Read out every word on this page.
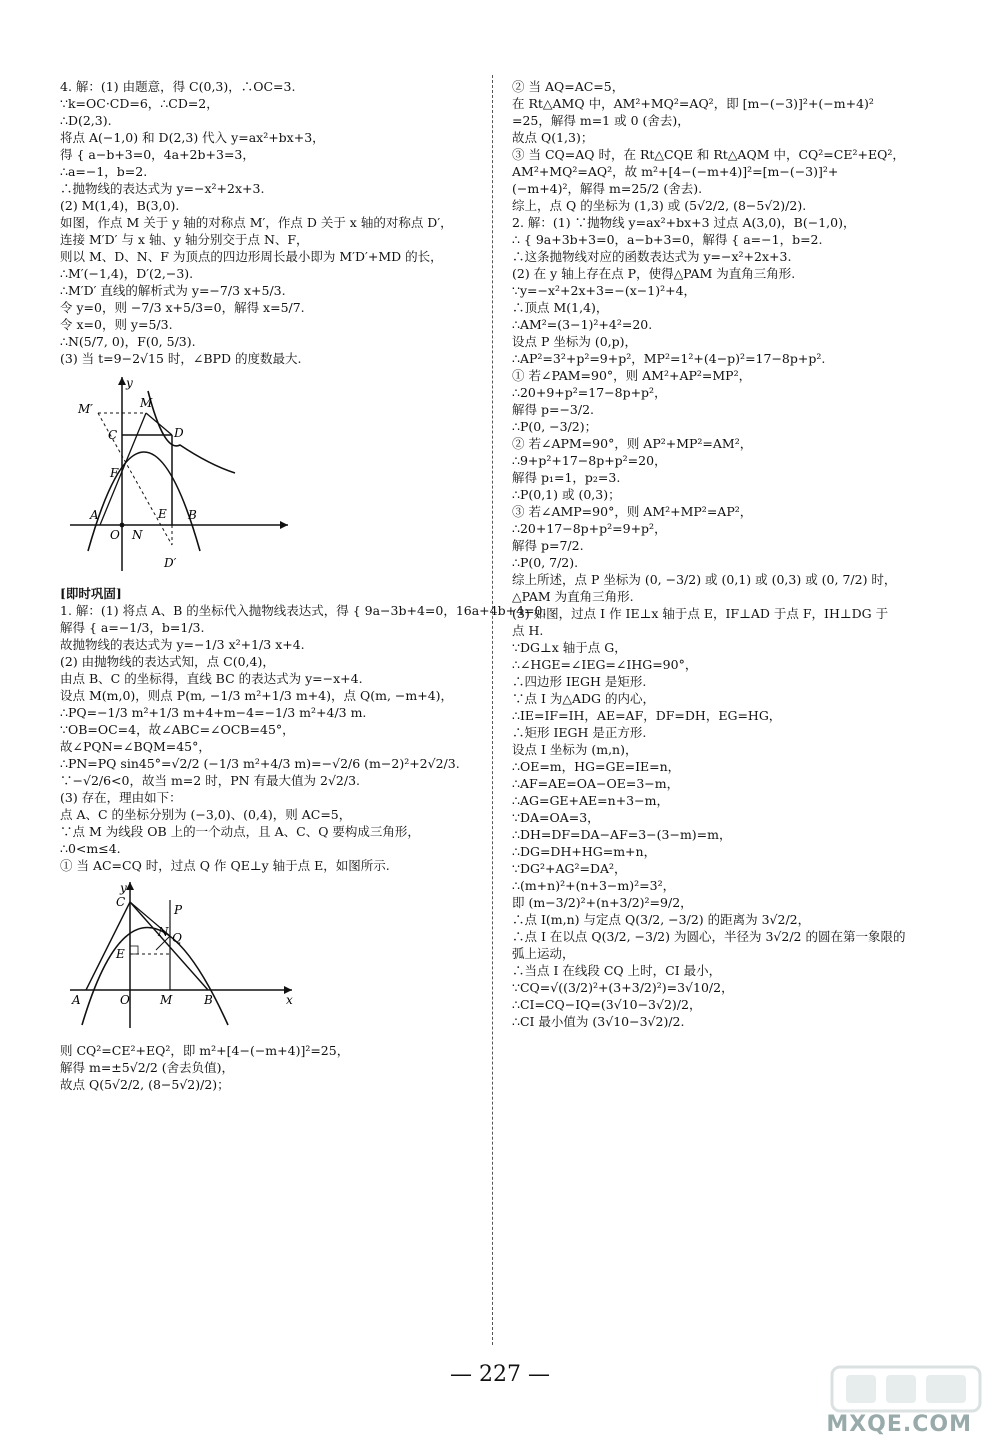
4. 解：(1) 由题意，得 C(0,3)，∴OC=3.
∵k=OC·CD=6，∴CD=2，
∴D(2,3).
将点 A(−1,0) 和 D(2,3) 代入 y=ax²+bx+3，
得 { a−b+3=0，4a+2b+3=3，
∴a=−1，b=2.
∴抛物线的表达式为 y=−x²+2x+3.
(2) M(1,4)，B(3,0).
如图，作点 M 关于 y 轴的对称点 M′，作点 D 关于 x 轴的对称点 D′，
连接 M′D′ 与 x 轴、y 轴分别交于点 N、F，
则以 M、D、N、F 为顶点的四边形周长最小即为 M′D′+MD 的长，
∴M′(−1,4)，D′(2,−3).
∴M′D′ 直线的解析式为 y=−7/3 x+5/3.
令 y=0，则 −7/3 x+5/3=0，解得 x=5/7.
令 x=0，则 y=5/3.
∴N(5/7, 0)，F(0, 5/3).
(3) 当 t=9−2√15 时，∠BPD 的度数最大.
y
M′	M
C	D
F
A
O N
E B
D′
[即时巩固]
1. 解：(1) 将点 A、B 的坐标代入抛物线表达式，得 { 9a−3b+4=0，16a+4b+4=0.
解得 { a=−1/3，b=1/3.
故抛物线的表达式为 y=−1/3 x²+1/3 x+4.
(2) 由抛物线的表达式知，点 C(0,4)，
由点 B、C 的坐标得，直线 BC 的表达式为 y=−x+4.
设点 M(m,0)，则点 P(m, −1/3 m²+1/3 m+4)，点 Q(m, −m+4)，
∴PQ=−1/3 m²+1/3 m+4+m−4=−1/3 m²+4/3 m.
∵OB=OC=4，故∠ABC=∠OCB=45°，
故∠PQN=∠BQM=45°，
∴PN=PQ sin45°=√2/2 (−1/3 m²+4/3 m)=−√2/6 (m−2)²+2√2/3.
∵−√2/6<0，故当 m=2 时，PN 有最大值为 2√2/3.
(3) 存在，理由如下：
点 A、C 的坐标分别为 (−3,0)、(0,4)，则 AC=5，
∵点 M 为线段 OB 上的一个动点，且 A、C、Q 要构成三角形，
∴0<m≤4.
① 当 AC=CQ 时，过点 Q 作 QE⊥y 轴于点 E，如图所示.
y
C
P
N Q
E
A	O	M	B	x
则 CQ²=CE²+EQ²，即 m²+[4−(−m+4)]²=25，
解得 m=±5√2/2 (舍去负值)，
故点 Q(5√2/2, (8−5√2)/2)；
② 当 AQ=AC=5，
在 Rt△AMQ 中，AM²+MQ²=AQ²，即 [m−(−3)]²+(−m+4)²
=25，解得 m=1 或 0 (舍去)，
故点 Q(1,3)；
③ 当 CQ=AQ 时，在 Rt△CQE 和 Rt△AQM 中，CQ²=CE²+EQ²，
AM²+MQ²=AQ²，故 m²+[4−(−m+4)]²=[m−(−3)]²+
(−m+4)²，解得 m=25/2 (舍去).
综上，点 Q 的坐标为 (1,3) 或 (5√2/2, (8−5√2)/2).
2. 解：(1) ∵抛物线 y=ax²+bx+3 过点 A(3,0)，B(−1,0)，
∴ { 9a+3b+3=0，a−b+3=0，解得 { a=−1，b=2.
∴这条抛物线对应的函数表达式为 y=−x²+2x+3.
(2) 在 y 轴上存在点 P，使得△PAM 为直角三角形.
∵y=−x²+2x+3=−(x−1)²+4，
∴顶点 M(1,4)，
∴AM²=(3−1)²+4²=20.
设点 P 坐标为 (0,p)，
∴AP²=3²+p²=9+p²，MP²=1²+(4−p)²=17−8p+p².
① 若∠PAM=90°，则 AM²+AP²=MP²，
∴20+9+p²=17−8p+p²，
解得 p=−3/2.
∴P(0, −3/2)；
② 若∠APM=90°，则 AP²+MP²=AM²，
∴9+p²+17−8p+p²=20，
解得 p₁=1，p₂=3.
∴P(0,1) 或 (0,3)；
③ 若∠AMP=90°，则 AM²+MP²=AP²，
∴20+17−8p+p²=9+p²，
解得 p=7/2.
∴P(0, 7/2).
综上所述，点 P 坐标为 (0, −3/2) 或 (0,1) 或 (0,3) 或 (0, 7/2) 时，
△PAM 为直角三角形.
(3) 如图，过点 I 作 IE⊥x 轴于点 E，IF⊥AD 于点 F，IH⊥DG 于
点 H.
∵DG⊥x 轴于点 G，
∴∠HGE=∠IEG=∠IHG=90°，
∴四边形 IEGH 是矩形.
∵点 I 为△ADG 的内心，
∴IE=IF=IH，AE=AF，DF=DH，EG=HG，
∴矩形 IEGH 是正方形.
设点 I 坐标为 (m,n)，
∴OE=m，HG=GE=IE=n，
∴AF=AE=OA−OE=3−m，
∴AG=GE+AE=n+3−m，
∵DA=OA=3，
∴DH=DF=DA−AF=3−(3−m)=m，
∴DG=DH+HG=m+n，
∵DG²+AG²=DA²，
∴(m+n)²+(n+3−m)²=3²，
即 (m−3/2)²+(n+3/2)²=9/2，
∴点 I(m,n) 与定点 Q(3/2, −3/2) 的距离为 3√2/2，
∴点 I 在以点 Q(3/2, −3/2) 为圆心，半径为 3√2/2 的圆在第一象限的
弧上运动，
∴当点 I 在线段 CQ 上时，CI 最小，
∵CQ=√((3/2)²+(3+3/2)²)=3√10/2，
∴CI=CQ−IQ=(3√10−3√2)/2，
∴CI 最小值为 (3√10−3√2)/2.
— 227 —
MXQE.COM
